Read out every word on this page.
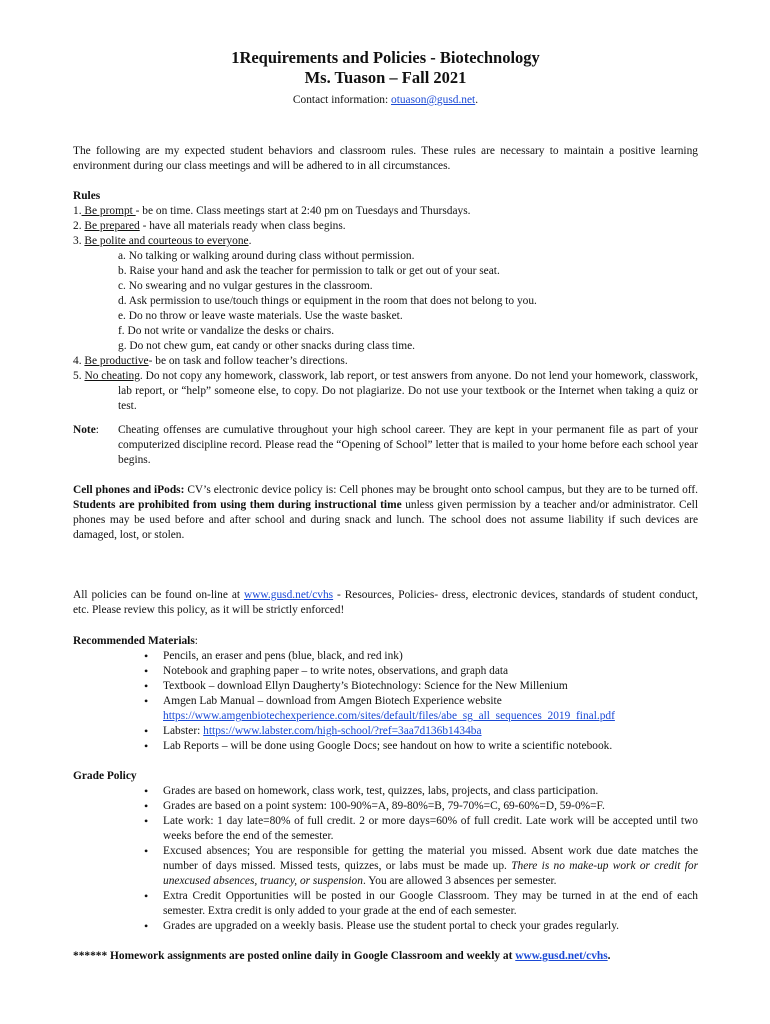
1Requirements and Policies - Biotechnology
Ms. Tuason – Fall 2021
Contact information: otuason@gusd.net.
The following are my expected student behaviors and classroom rules. These rules are necessary to maintain a positive learning environment during our class meetings and will be adhered to in all circumstances.
Rules
1. Be prompt - be on time. Class meetings start at 2:40 pm on Tuesdays and Thursdays.
2. Be prepared - have all materials ready when class begins.
3. Be polite and courteous to everyone.
a. No talking or walking around during class without permission.
b. Raise your hand and ask the teacher for permission to talk or get out of your seat.
c. No swearing and no vulgar gestures in the classroom.
d. Ask permission to use/touch things or equipment in the room that does not belong to you.
e. Do no throw or leave waste materials. Use the waste basket.
f. Do not write or vandalize the desks or chairs.
g. Do not chew gum, eat candy or other snacks during class time.
4. Be productive- be on task and follow teacher’s directions.
5. No cheating. Do not copy any homework, classwork, lab report, or test answers from anyone. Do not lend your homework, classwork, lab report, or “help” someone else, to copy. Do not plagiarize. Do not use your textbook or the Internet when taking a quiz or test.
Note:	Cheating offenses are cumulative throughout your high school career. They are kept in your permanent file as part of your computerized discipline record. Please read the “Opening of School” letter that is mailed to your home before each school year begins.
Cell phones and iPods: CV’s electronic device policy is: Cell phones may be brought onto school campus, but they are to be turned off. Students are prohibited from using them during instructional time unless given permission by a teacher and/or administrator. Cell phones may be used before and after school and during snack and lunch. The school does not assume liability if such devices are damaged, lost, or stolen.
All policies can be found on-line at www.gusd.net/cvhs - Resources, Policies- dress, electronic devices, standards of student conduct, etc. Please review this policy, as it will be strictly enforced!
Recommended Materials:
• Pencils, an eraser and pens (blue, black, and red ink)
• Notebook and graphing paper – to write notes, observations, and graph data
• Textbook – download Ellyn Daugherty’s Biotechnology: Science for the New Millenium
• Amgen Lab Manual – download from Amgen Biotech Experience website
https://www.amgenbiotechexperience.com/sites/default/files/abe_sg_all_sequences_2019_final.pdf
• Labster: https://www.labster.com/high-school/?ref=3aa7d136b1434ba
• Lab Reports – will be done using Google Docs; see handout on how to write a scientific notebook.
Grade Policy
• Grades are based on homework, class work, test, quizzes, labs, projects, and class participation.
• Grades are based on a point system: 100-90%=A, 89-80%=B, 79-70%=C, 69-60%=D, 59-0%=F.
• Late work: 1 day late=80% of full credit. 2 or more days=60% of full credit. Late work will be accepted until two weeks before the end of the semester.
• Excused absences; You are responsible for getting the material you missed. Absent work due date matches the number of days missed. Missed tests, quizzes, or labs must be made up. There is no make-up work or credit for unexcused absences, truancy, or suspension. You are allowed 3 absences per semester.
• Extra Credit Opportunities will be posted in our Google Classroom. They may be turned in at the end of each semester. Extra credit is only added to your grade at the end of each semester.
• Grades are upgraded on a weekly basis. Please use the student portal to check your grades regularly.
****** Homework assignments are posted online daily in Google Classroom and weekly at www.gusd.net/cvhs.
